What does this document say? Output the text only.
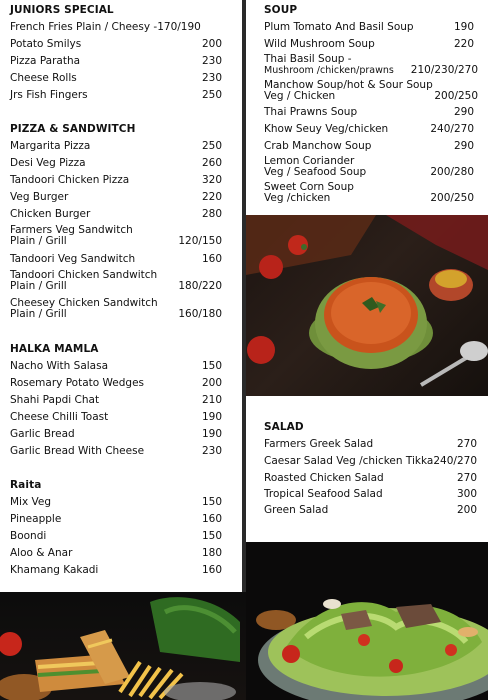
JUNIORS SPECIAL
French Fries Plain / Cheesy -170/190
Potato Smilys	200
Pizza Paratha	230
Cheese Rolls	230
Jrs Fish Fingers	250
PIZZA & SANDWITCH
Margarita Pizza	250
Desi Veg Pizza	260
Tandoori Chicken Pizza	320
Veg Burger	220
Chicken Burger	280
Farmers Veg Sandwitch
Plain / Grill	120/150
Tandoori Veg Sandwitch	160
Tandoori Chicken Sandwitch
Plain / Grill	180/220
Cheesey Chicken Sandwitch
Plain / Grill	160/180
HALKA MAMLA
Nacho With Salasa	150
Rosemary Potato Wedges	200
Shahi Papdi Chat	210
Cheese Chilli Toast	190
Garlic Bread	190
Garlic Bread With Cheese	230
Raita
Mix Veg	150
Pineapple	160
Boondi	150
Aloo & Anar	180
Khamang Kakadi	160
SOUP
Plum Tomato And Basil Soup	190
Wild Mushroom Soup	220
Thai Basil Soup -
Mushroom /chicken/prawns 210/230/270
Manchow Soup/hot & Sour Soup
Veg / Chicken	200/250
Thai Prawns Soup	290
Khow Seuy Veg/chicken	240/270
Crab Manchow Soup	290
Lemon Coriander
Veg / Seafood Soup	200/280
Sweet Corn Soup
Veg /chicken	200/250
SALAD
Farmers Greek Salad	270
Caesar Salad Veg /chicken Tikka 240/270
Roasted Chicken Salad	270
Tropical Seafood Salad	300
Green Salad	200
